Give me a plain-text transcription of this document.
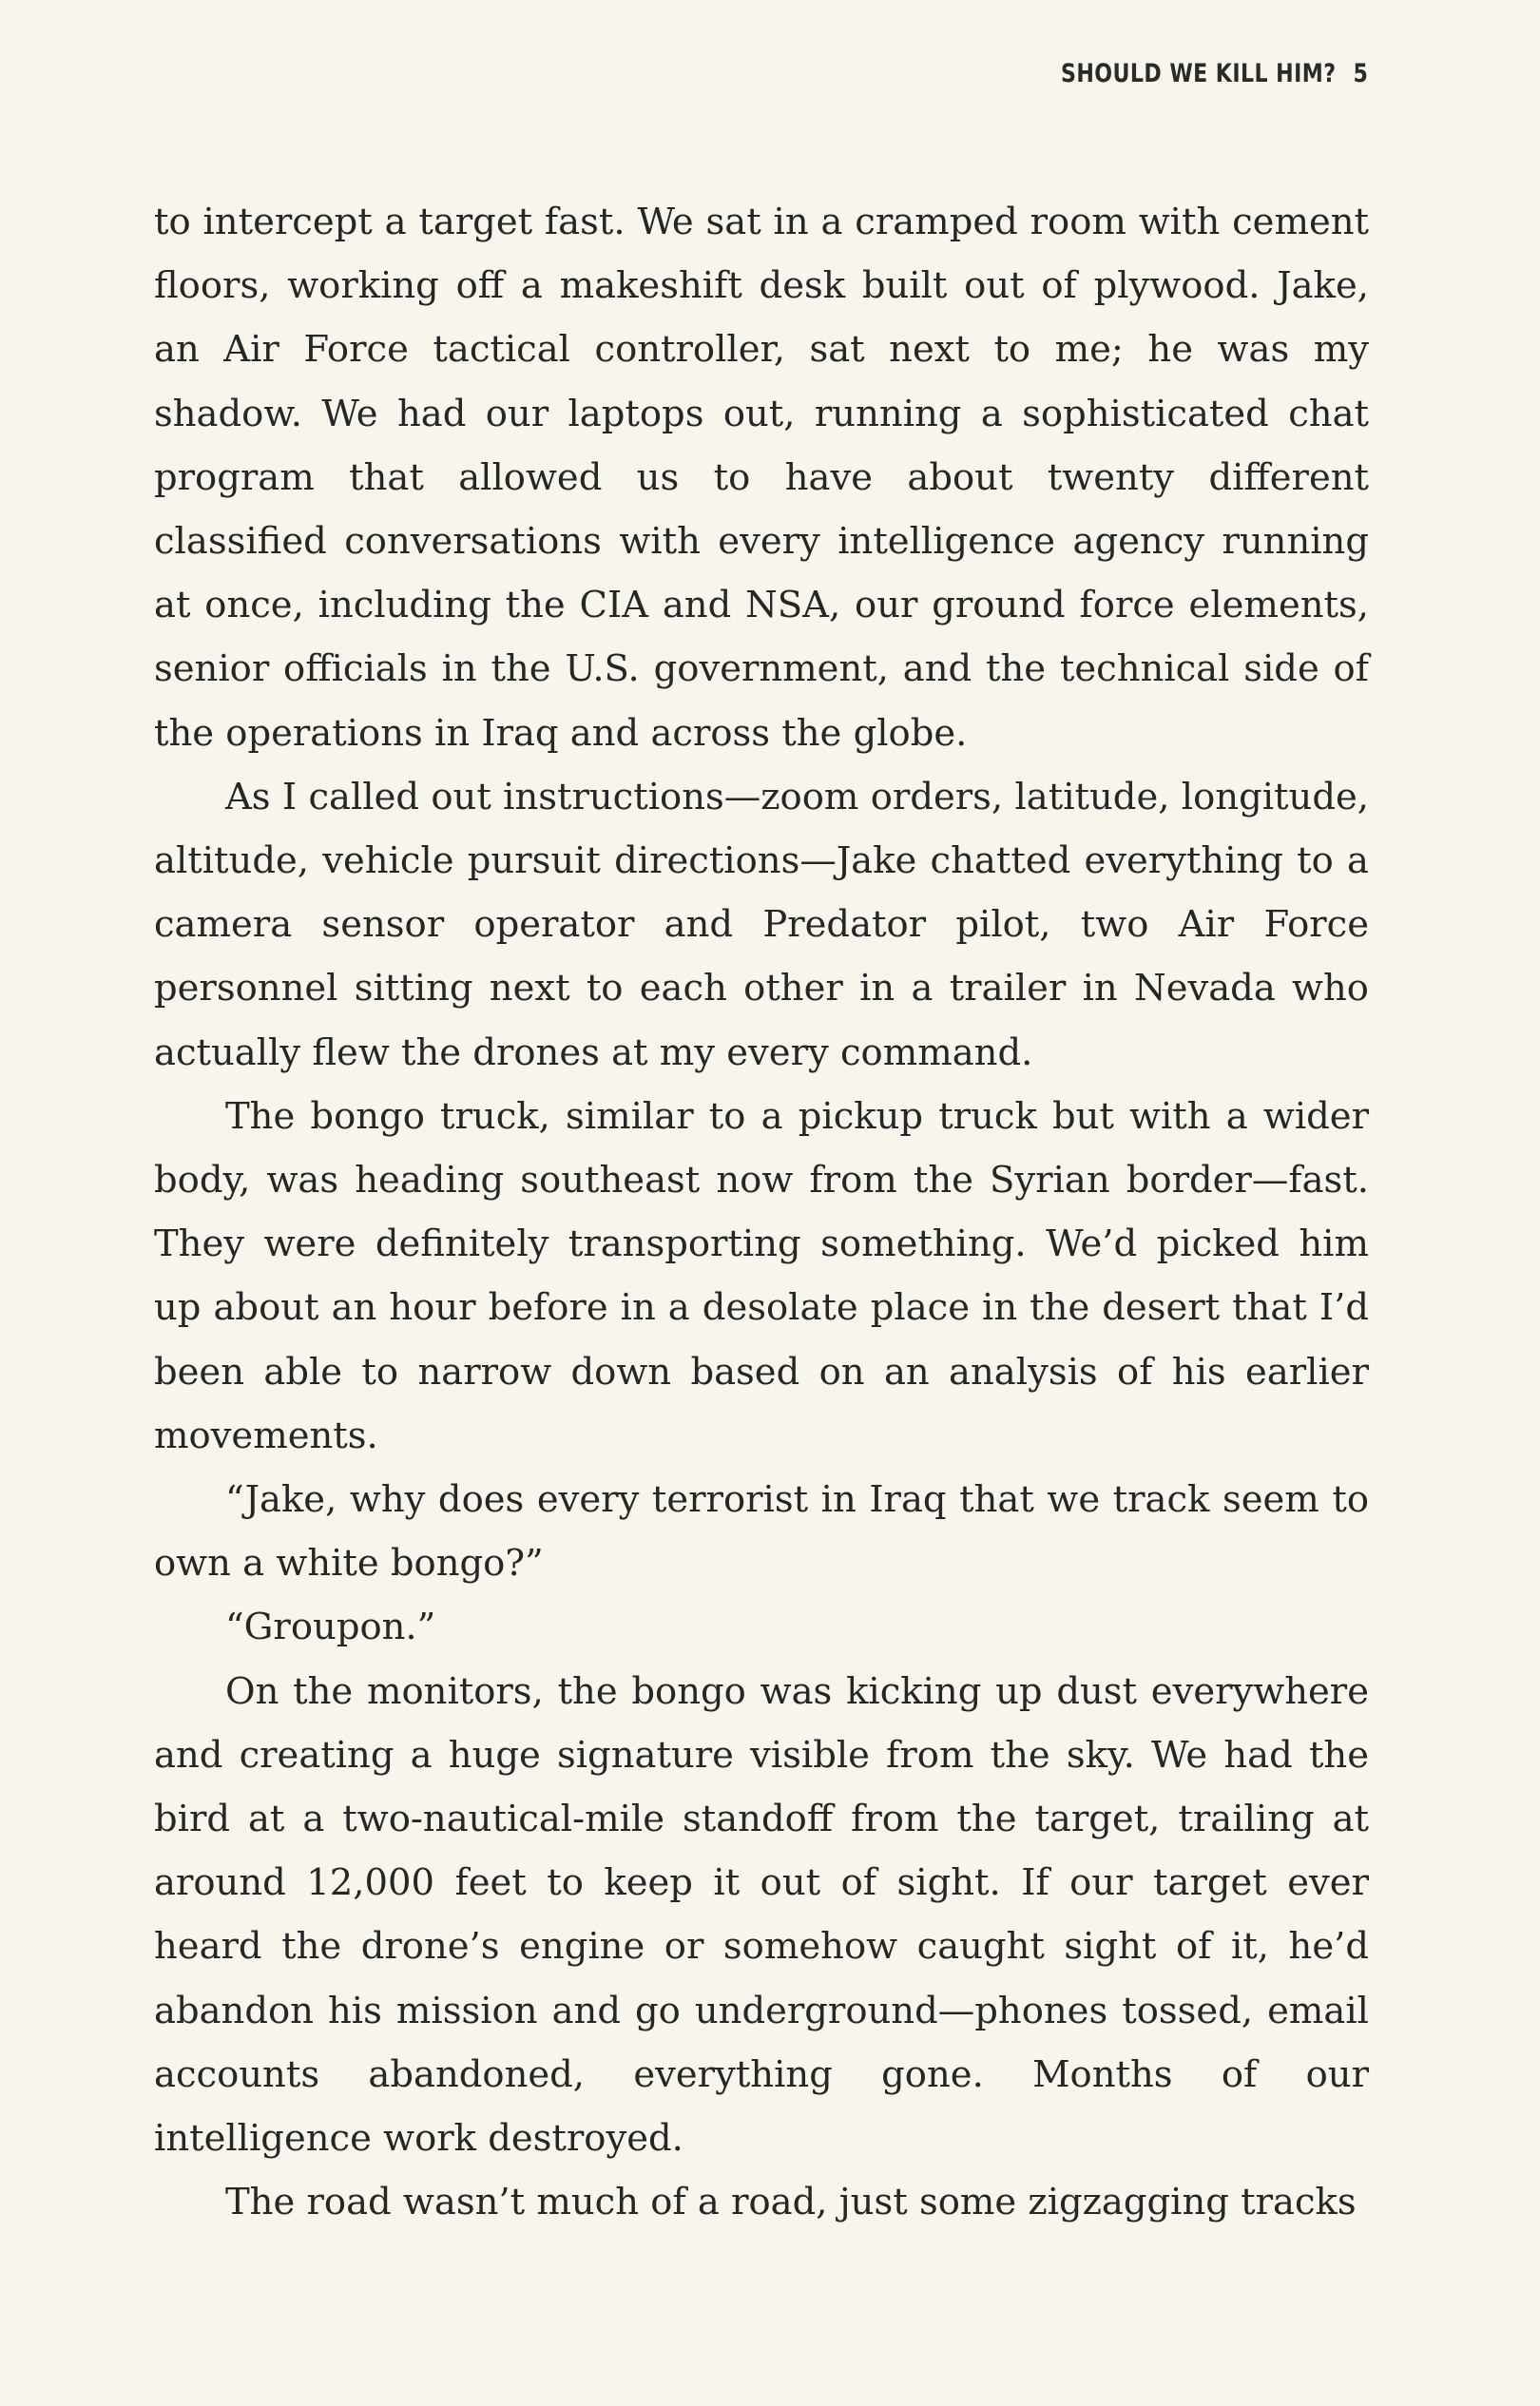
SHOULD WE KILL HIM? 5

to intercept a target fast. We sat in a cramped room with cement floors, working off a makeshift desk built out of plywood. Jake, an Air Force tactical controller, sat next to me; he was my shadow. We had our laptops out, running a sophisticated chat program that allowed us to have about twenty different classified conversations with every intelligence agency running at once, including the CIA and NSA, our ground force elements, senior officials in the U.S. government, and the technical side of the operations in Iraq and across the globe.

As I called out instructions—zoom orders, latitude, longitude, altitude, vehicle pursuit directions—Jake chatted everything to a camera sensor operator and Predator pilot, two Air Force personnel sitting next to each other in a trailer in Nevada who actually flew the drones at my every command.

The bongo truck, similar to a pickup truck but with a wider body, was heading southeast now from the Syrian border—fast. They were definitely transporting something. We’d picked him up about an hour before in a desolate place in the desert that I’d been able to narrow down based on an analysis of his earlier movements.

“Jake, why does every terrorist in Iraq that we track seem to own a white bongo?”

“Groupon.”

On the monitors, the bongo was kicking up dust everywhere and creating a huge signature visible from the sky. We had the bird at a two-nautical-mile standoff from the target, trailing at around 12,000 feet to keep it out of sight. If our target ever heard the drone’s engine or somehow caught sight of it, he’d abandon his mission and go underground—phones tossed, email accounts abandoned, everything gone. Months of our intelligence work destroyed.

The road wasn’t much of a road, just some zigzagging tracks
